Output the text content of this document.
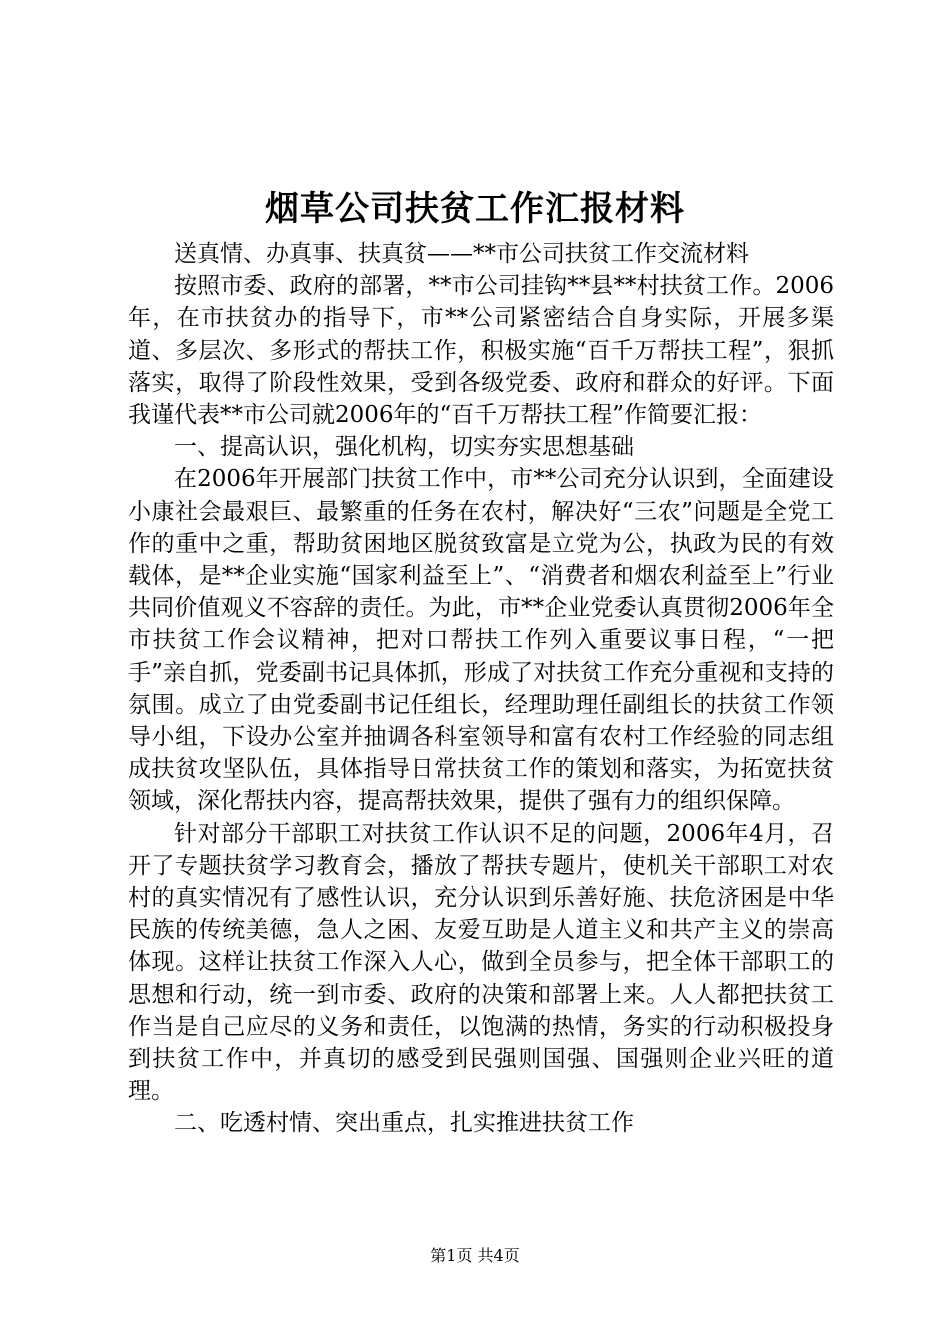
烟草公司扶贫工作汇报材料

送真情、办真事、扶真贫——**市公司扶贫工作交流材料

按照市委、政府的部署，**市公司挂钩**县**村扶贫工作。2006年，在市扶贫办的指导下，市**公司紧密结合自身实际，开展多渠道、多层次、多形式的帮扶工作，积极实施“百千万帮扶工程”，狠抓落实，取得了阶段性效果，受到各级党委、政府和群众的好评。下面我谨代表**市公司就2006年的“百千万帮扶工程”作简要汇报：

一、提高认识，强化机构，切实夯实思想基础

在2006年开展部门扶贫工作中，市**公司充分认识到，全面建设小康社会最艰巨、最繁重的任务在农村，解决好“三农”问题是全党工作的重中之重，帮助贫困地区脱贫致富是立党为公，执政为民的有效载体，是**企业实施“国家利益至上”、“消费者和烟农利益至上”行业共同价值观义不容辞的责任。为此，市**企业党委认真贯彻2006年全市扶贫工作会议精神，把对口帮扶工作列入重要议事日程，“一把手”亲自抓，党委副书记具体抓，形成了对扶贫工作充分重视和支持的氛围。成立了由党委副书记任组长，经理助理任副组长的扶贫工作领导小组，下设办公室并抽调各科室领导和富有农村工作经验的同志组成扶贫攻坚队伍，具体指导日常扶贫工作的策划和落实，为拓宽扶贫领域，深化帮扶内容，提高帮扶效果，提供了强有力的组织保障。

针对部分干部职工对扶贫工作认识不足的问题，2006年4月，召开了专题扶贫学习教育会，播放了帮扶专题片，使机关干部职工对农村的真实情况有了感性认识，充分认识到乐善好施、扶危济困是中华民族的传统美德，急人之困、友爱互助是人道主义和共产主义的崇高体现。这样让扶贫工作深入人心，做到全员参与，把全体干部职工的思想和行动，统一到市委、政府的决策和部署上来。人人都把扶贫工作当是自己应尽的义务和责任，以饱满的热情，务实的行动积极投身到扶贫工作中，并真切的感受到民强则国强、国强则企业兴旺的道理。

二、吃透村情、突出重点，扎实推进扶贫工作

第1页 共4页
